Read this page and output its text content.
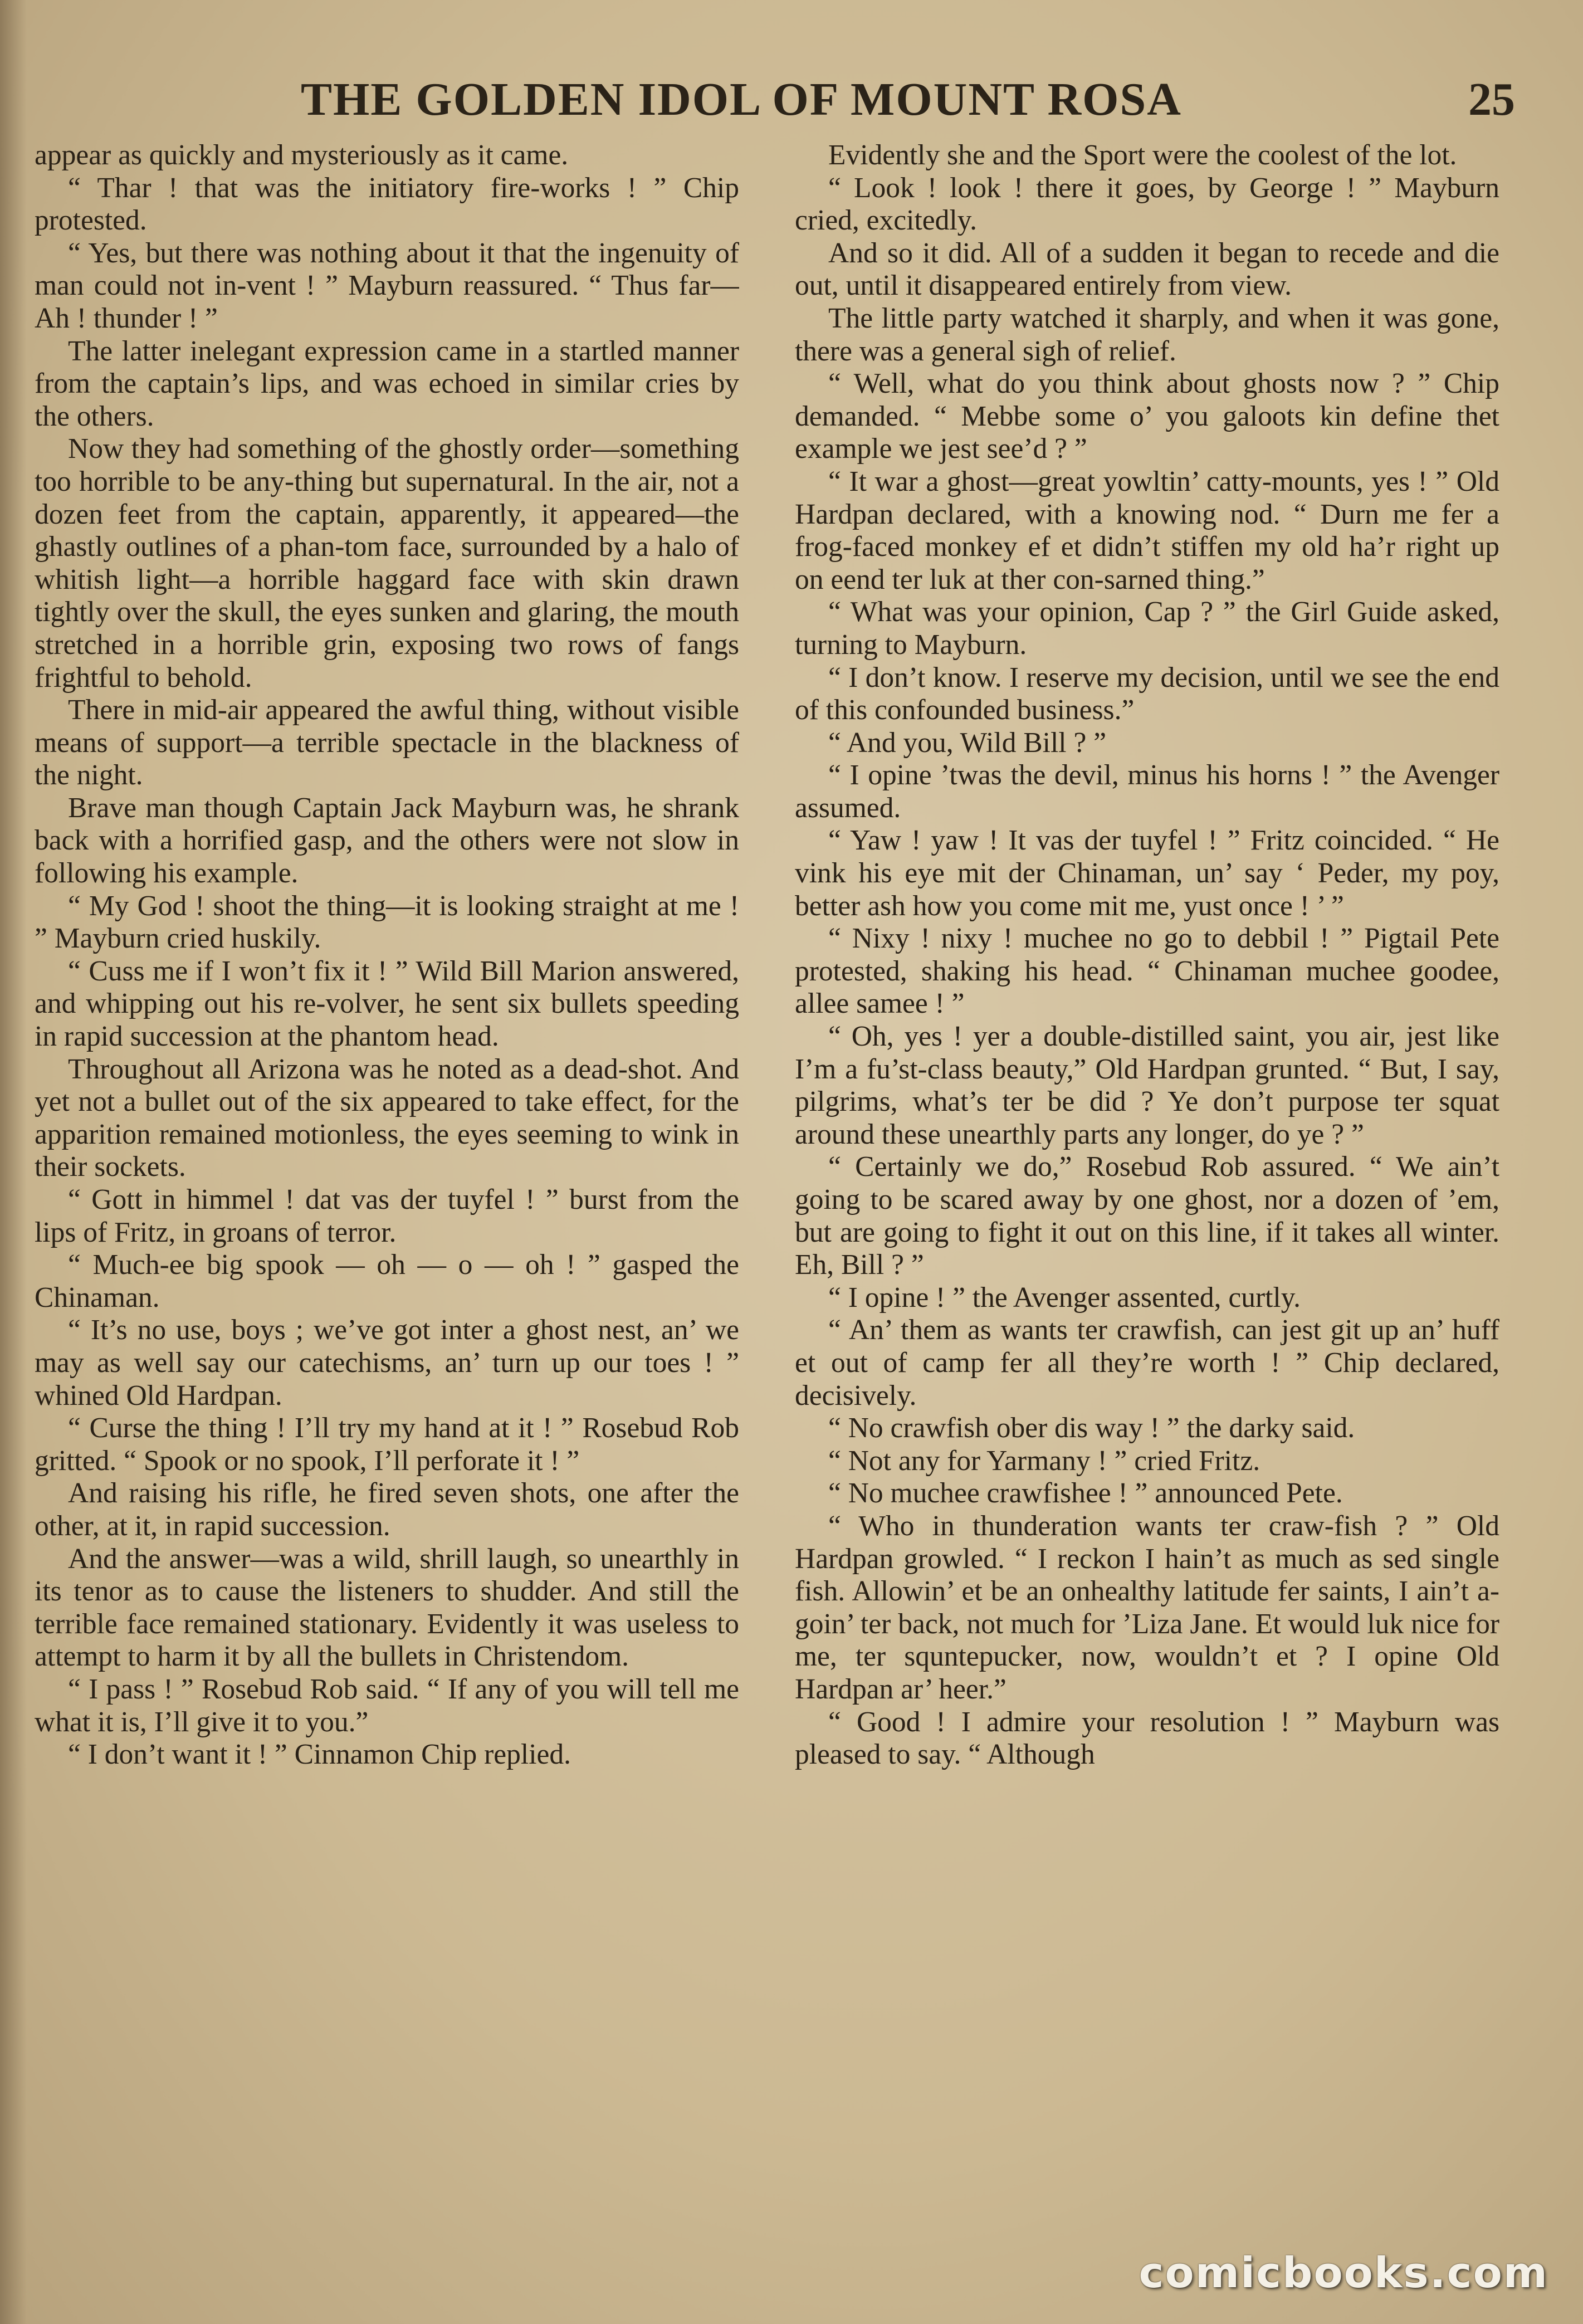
THE GOLDEN IDOL OF MOUNT ROSA	25

appear as quickly and mysteriously as it came.

“ Thar ! that was the initiatory fire-works ! ” Chip protested.

“ Yes, but there was nothing about it that the ingenuity of man could not in-vent ! ” Mayburn reassured. “ Thus far—Ah ! thunder ! ”

The latter inelegant expression came in a startled manner from the captain’s lips, and was echoed in similar cries by the others.

Now they had something of the ghostly order—something too horrible to be any-thing but supernatural. In the air, not a dozen feet from the captain, apparently, it appeared—the ghastly outlines of a phan-tom face, surrounded by a halo of whitish light—a horrible haggard face with skin drawn tightly over the skull, the eyes sunken and glaring, the mouth stretched in a horrible grin, exposing two rows of fangs frightful to behold.

There in mid-air appeared the awful thing, without visible means of support—a terrible spectacle in the blackness of the night.

Brave man though Captain Jack Mayburn was, he shrank back with a horrified gasp, and the others were not slow in following his example.

“ My God ! shoot the thing—it is looking straight at me ! ” Mayburn cried huskily.

“ Cuss me if I won’t fix it ! ” Wild Bill Marion answered, and whipping out his re-volver, he sent six bullets speeding in rapid succession at the phantom head.

Throughout all Arizona was he noted as a dead-shot. And yet not a bullet out of the six appeared to take effect, for the apparition remained motionless, the eyes seeming to wink in their sockets.

“ Gott in himmel ! dat vas der tuyfel ! ” burst from the lips of Fritz, in groans of terror.

“ Much-ee big spook — oh — o — oh ! ” gasped the Chinaman.

“ It’s no use, boys ; we’ve got inter a ghost nest, an’ we may as well say our catechisms, an’ turn up our toes ! ” whined Old Hardpan.

“ Curse the thing ! I’ll try my hand at it ! ” Rosebud Rob gritted. “ Spook or no spook, I’ll perforate it ! ”

And raising his rifle, he fired seven shots, one after the other, at it, in rapid succession.

And the answer—was a wild, shrill laugh, so unearthly in its tenor as to cause the listeners to shudder. And still the terrible face remained stationary. Evidently it was useless to attempt to harm it by all the bullets in Christendom.

“ I pass ! ” Rosebud Rob said. “ If any of you will tell me what it is, I’ll give it to you.”

“ I don’t want it ! ” Cinnamon Chip replied.

Evidently she and the Sport were the coolest of the lot.

“ Look ! look ! there it goes, by George ! ” Mayburn cried, excitedly.

And so it did. All of a sudden it began to recede and die out, until it disappeared entirely from view.

The little party watched it sharply, and when it was gone, there was a general sigh of relief.

“ Well, what do you think about ghosts now ? ” Chip demanded. “ Mebbe some o’ you galoots kin define thet example we jest see’d ? ”

“ It war a ghost—great yowltin’ catty-mounts, yes ! ” Old Hardpan declared, with a knowing nod. “ Durn me fer a frog-faced monkey ef et didn’t stiffen my old ha’r right up on eend ter luk at ther con-sarned thing.”

“ What was your opinion, Cap ? ” the Girl Guide asked, turning to Mayburn.

“ I don’t know. I reserve my decision, until we see the end of this confounded business.”

“ And you, Wild Bill ? ”

“ I opine ’twas the devil, minus his horns ! ” the Avenger assumed.

“ Yaw ! yaw ! It vas der tuyfel ! ” Fritz coincided. “ He vink his eye mit der Chinaman, un’ say ‘ Peder, my poy, better ash how you come mit me, yust once ! ’ ”

“ Nixy ! nixy ! muchee no go to debbil ! ” Pigtail Pete protested, shaking his head. “ Chinaman muchee goodee, allee samee ! ”

“ Oh, yes ! yer a double-distilled saint, you air, jest like I’m a fu’st-class beauty,” Old Hardpan grunted. “ But, I say, pilgrims, what’s ter be did ? Ye don’t purpose ter squat around these unearthly parts any longer, do ye ? ”

“ Certainly we do,” Rosebud Rob assured. “ We ain’t going to be scared away by one ghost, nor a dozen of ’em, but are going to fight it out on this line, if it takes all winter. Eh, Bill ? ”

“ I opine ! ” the Avenger assented, curtly.

“ An’ them as wants ter crawfish, can jest git up an’ huff et out of camp fer all they’re worth ! ” Chip declared, decisively.

“ No crawfish ober dis way ! ” the darky said.

“ Not any for Yarmany ! ” cried Fritz.

“ No muchee crawfishee ! ” announced Pete.

“ Who in thunderation wants ter craw-fish ? ” Old Hardpan growled. “ I reckon I hain’t as much as sed single fish. Allowin’ et be an onhealthy latitude fer saints, I ain’t a-goin’ ter back, not much for ’Liza Jane. Et would luk nice for me, ter squntepucker, now, wouldn’t et ? I opine Old Hardpan ar’ heer.”

“ Good ! I admire your resolution ! ” Mayburn was pleased to say. “ Although

comicbooks.com
